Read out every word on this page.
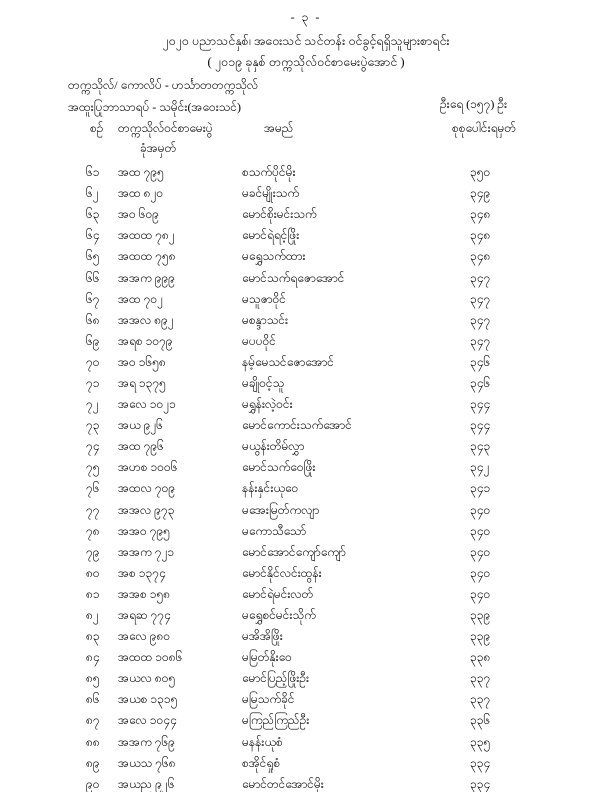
- ၃ -
၂၀၂၀ ပညာသင်နှစ်၊ အဝေးသင် သင်တန်း ဝင်ခွင့်ရရှိသူများစာရင်း
( ၂၀၁၉ ခုနှစ် တက္ကသိုလ်ဝင်စာမေးပွဲအောင် )
တက္ကသိုလ်/ ကောလိပ် - ဟင်္သာတတက္ကသိုလ်
အထူးပြုဘာသာရပ် - သမိုင်း(အဝေးသင်)	ဦးရေ (၁၅၇) ဦး
စဉ် တက္ကသိုလ်ဝင်စာမေးပွဲ	အမည်	စုစုပေါင်းရမှတ်
ခုံအမှတ်
၆၁	အထ ၇၉၅	စသက်ပိုင်မိုး	၃၅၀
၆၂	အထ ၈၂၀	မခင်မျိုးသက်	၃၄၉
၆၃	အဝ ၆၀၉	မောင်စိုးမင်းသက်	၃၄၈
၆၄	အထထ ၇၈၂	မောင်ရဲရင့်ဖြိုး	၃၄၈
၆၅	အထထ ၇၅၈	မရွှေသက်ထား	၃၄၈
၆၆	အအက ၉၉၉	မောင်သက်ရဇောအောင်	၃၄၇
၆၇	အထ ၇၀၂	မသူဇာဝိုင်	၃၄၇
၆၈	အအလ ၈၉၂	မစန္ဒာသင်း	၃၄၇
၆၉	အရစ ၁၀၇၉	မပပဝိုင်	၃၄၇
၇၀	အဝ ၁၆၅၈	နမ့်မေသင်ဇောအောင်	၃၄၆
၇၁	အရ ၁၃၇၅	မချိုဝင့်သူ	၃၄၆
၇၂	အလေ ၁၀၂၁	မရွှန်းလဲ့ဝင်း	၃၄၄
၇၃	အယ ၉၂၆	မောင်ကောင်းသက်အောင်	၃၄၄
၇၄	အထ ၇၉၆	မယွန်းတိမ်လွှာ	၃၄၃
၇၅	အဟစ ၁၀၀၆	မောင်သက်ဝေဖြိုး	၃၄၂
၇၆	အထလ ၇၀၉	နန်းနှင်းယုဝေ	၃၄၁
၇၇	အအလ ၉၇၃	မအေးမြတ်ကလျာ	၃၄၀
၇၈	အအဝ ၇၉၅	မကောသီသော်	၃၄၀
၇၉	အအက ၇၂၁	မောင်အောင်ကျော်ကျော်	၃၄၀
၈၀	အစ ၁၃၇၄	မောင်နိုင်လင်းထွန်း	၃၄၀
၈၁	အအစ ၁၅၈	မောင်ရဲမင်းလတ်	၃၄၀
၈၂	အရဆ ၇၇၄	မရွှေစင်မင်းသိုက်	၃၃၉
၈၃	အလေ ၉၈၀	မအိအိဖြိုး	၃၃၉
၈၄	အထထ ၁၀၈၆	မမြတ်နိုးဝေ	၃၃၈
၈၅	အယလ ၈၀၅	မောင်ပြည့်ဖြိုးဦး	၃၃၇
၈၆	အယစ ၁၃၁၅	မမြသက်ခိုင်	၃၃၇
၈၇	အလေ ၁၀၄၄	မကြည်ကြည်ဦး	၃၃၆
၈၈	အအက ၇၆၉	မနန်းယုစံ	၃၃၅
၈၉	အယသ ၇၆၈	စအိုင်ရှုစံ	၃၃၄
၉၀	အယည ၉၂၆	မောင်တင်အောင်မိုး	၃၃၄
